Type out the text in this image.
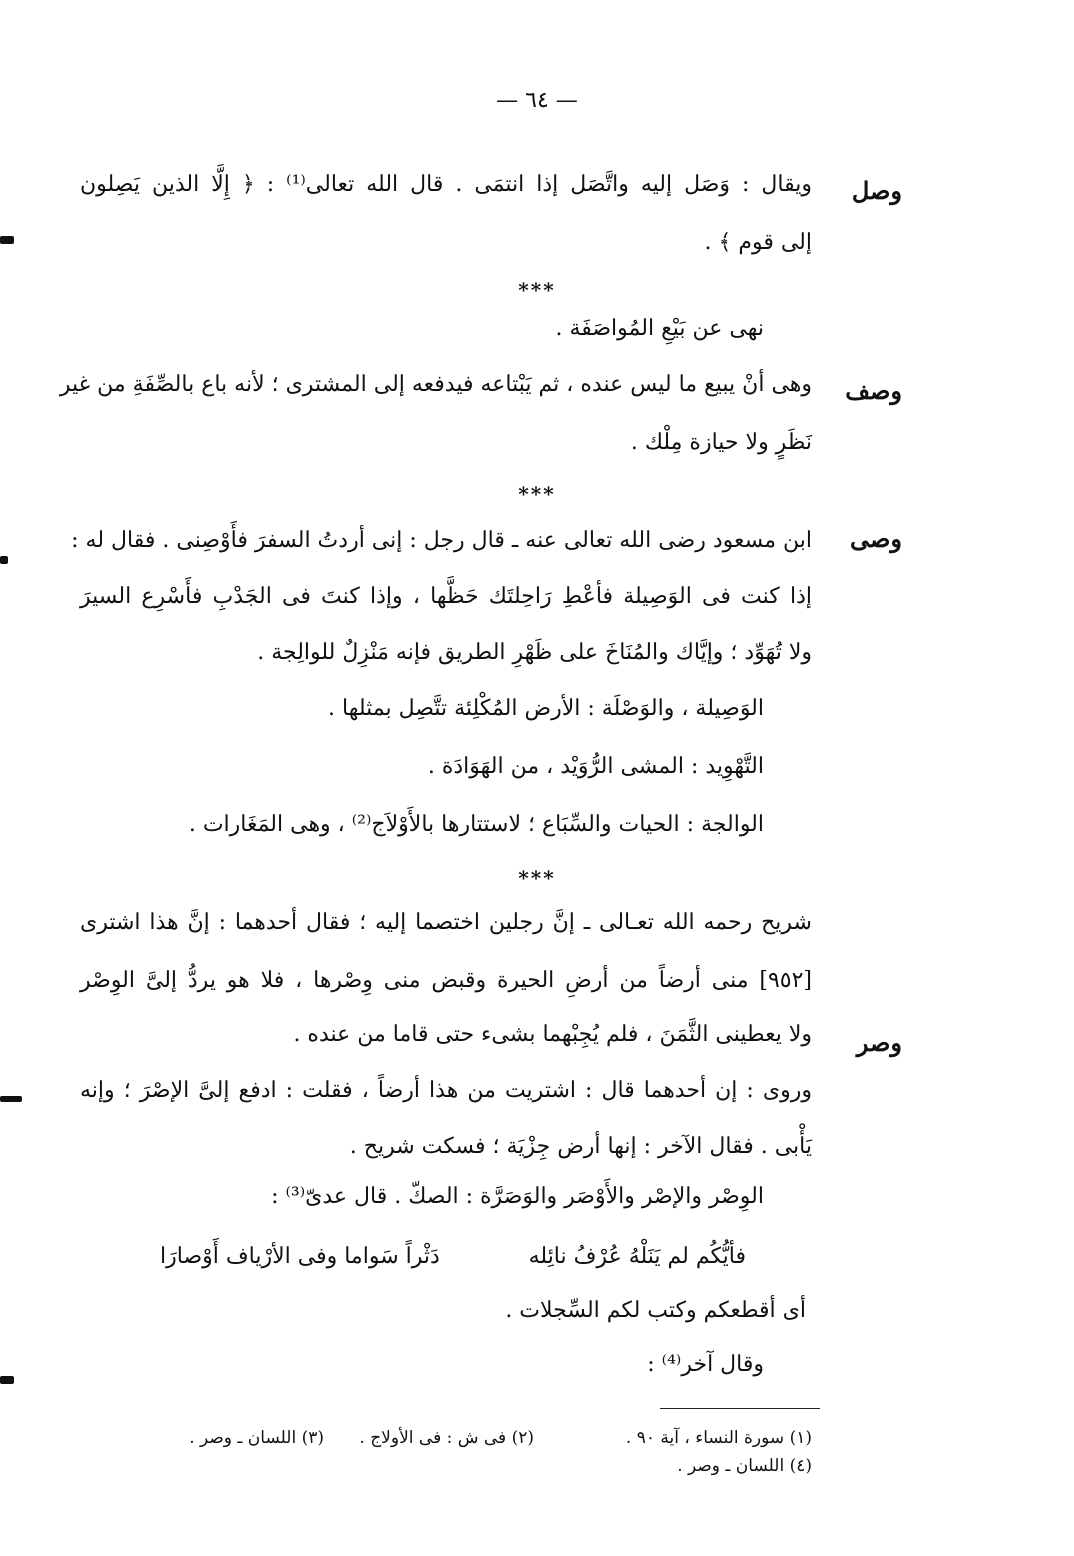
— ٦٤ —
وصل
ويقال : وَصَل إليه واتَّصَل إذا انتمَى . قال الله تعالى⁽¹⁾ : ﴿ إِلَّا الذين يَصِلون
إلى قوم ﴾ .
***
نهى عن بَيْعِ المُواصَفَة .
وصف
وهى أنْ يبيع ما ليس عنده ، ثم يَبْتاعه فيدفعه إلى المشترى ؛ لأنه باع بالصِّفَةِ من غير
نَظَرٍ ولا حيازة مِلْك .
***
وصى
ابن مسعود رضى الله تعالى عنه ـ قال رجل : إنى أردتُ السفرَ فأَوْصِنى . فقال له :
إذا كنت فى الوَصِيلة فأعْطِ رَاحِلتَك حَظَّها ، وإذا كنتَ فى الجَدْبِ فأَسْرِع السيرَ
ولا تُهَوِّد ؛ وإيَّاك والمُنَاخَ على ظَهْرِ الطريق فإنه مَنْزِلٌ للوالِجة .
الوَصِيلة ، والوَصْلَة : الأرض المُكْلِئة تتَّصِل بمثلها .
التَّهْوِيد : المشى الرُّوَيْد ، من الهَوَادَة .
الوالجة : الحيات والسِّبَاع ؛ لاستتارها بالأَوْلاَج⁽²⁾ ، وهى المَغَارات .
***
شريح رحمه الله تعـالى ـ إنَّ رجلين اختصما إليه ؛ فقال أحدهما : إنَّ هذا اشترى
[٩٥٢] منى أرضاً من أرضِ الحيرة وقبض منى وِصْرها ، فلا هو يردُّ إلىَّ الوِصْر
وصر
ولا يعطينى الثَّمَنَ ، فلم يُجِبْهما بشىء حتى قاما من عنده .
وروى : إن أحدهما قال : اشتريت من هذا أرضاً ، فقلت : ادفع إلىَّ الإصْرَ ؛ وإنه
يَأْبى . فقال الآخر : إنها أرض جِزْيَة ؛ فسكت شريح .
الوِصْر والإصْر والأَوْصَر والوَصَرَّة : الصكّ . قال عدىّ⁽³⁾ :
فأيُّكُم لم يَنَلْهُ عُرْفُ نائِله
دَثْراً سَواما وفى الأرْياف أَوْصارَا
أى أقطعكم وكتب لكم السِّجلات .
وقال آخر⁽⁴⁾ :
(١) سورة النساء ، آية ٩٠ .
(٢) فى ش : فى الأولاج .
(٣) اللسان ـ وصر .
(٤) اللسان ـ وصر .
